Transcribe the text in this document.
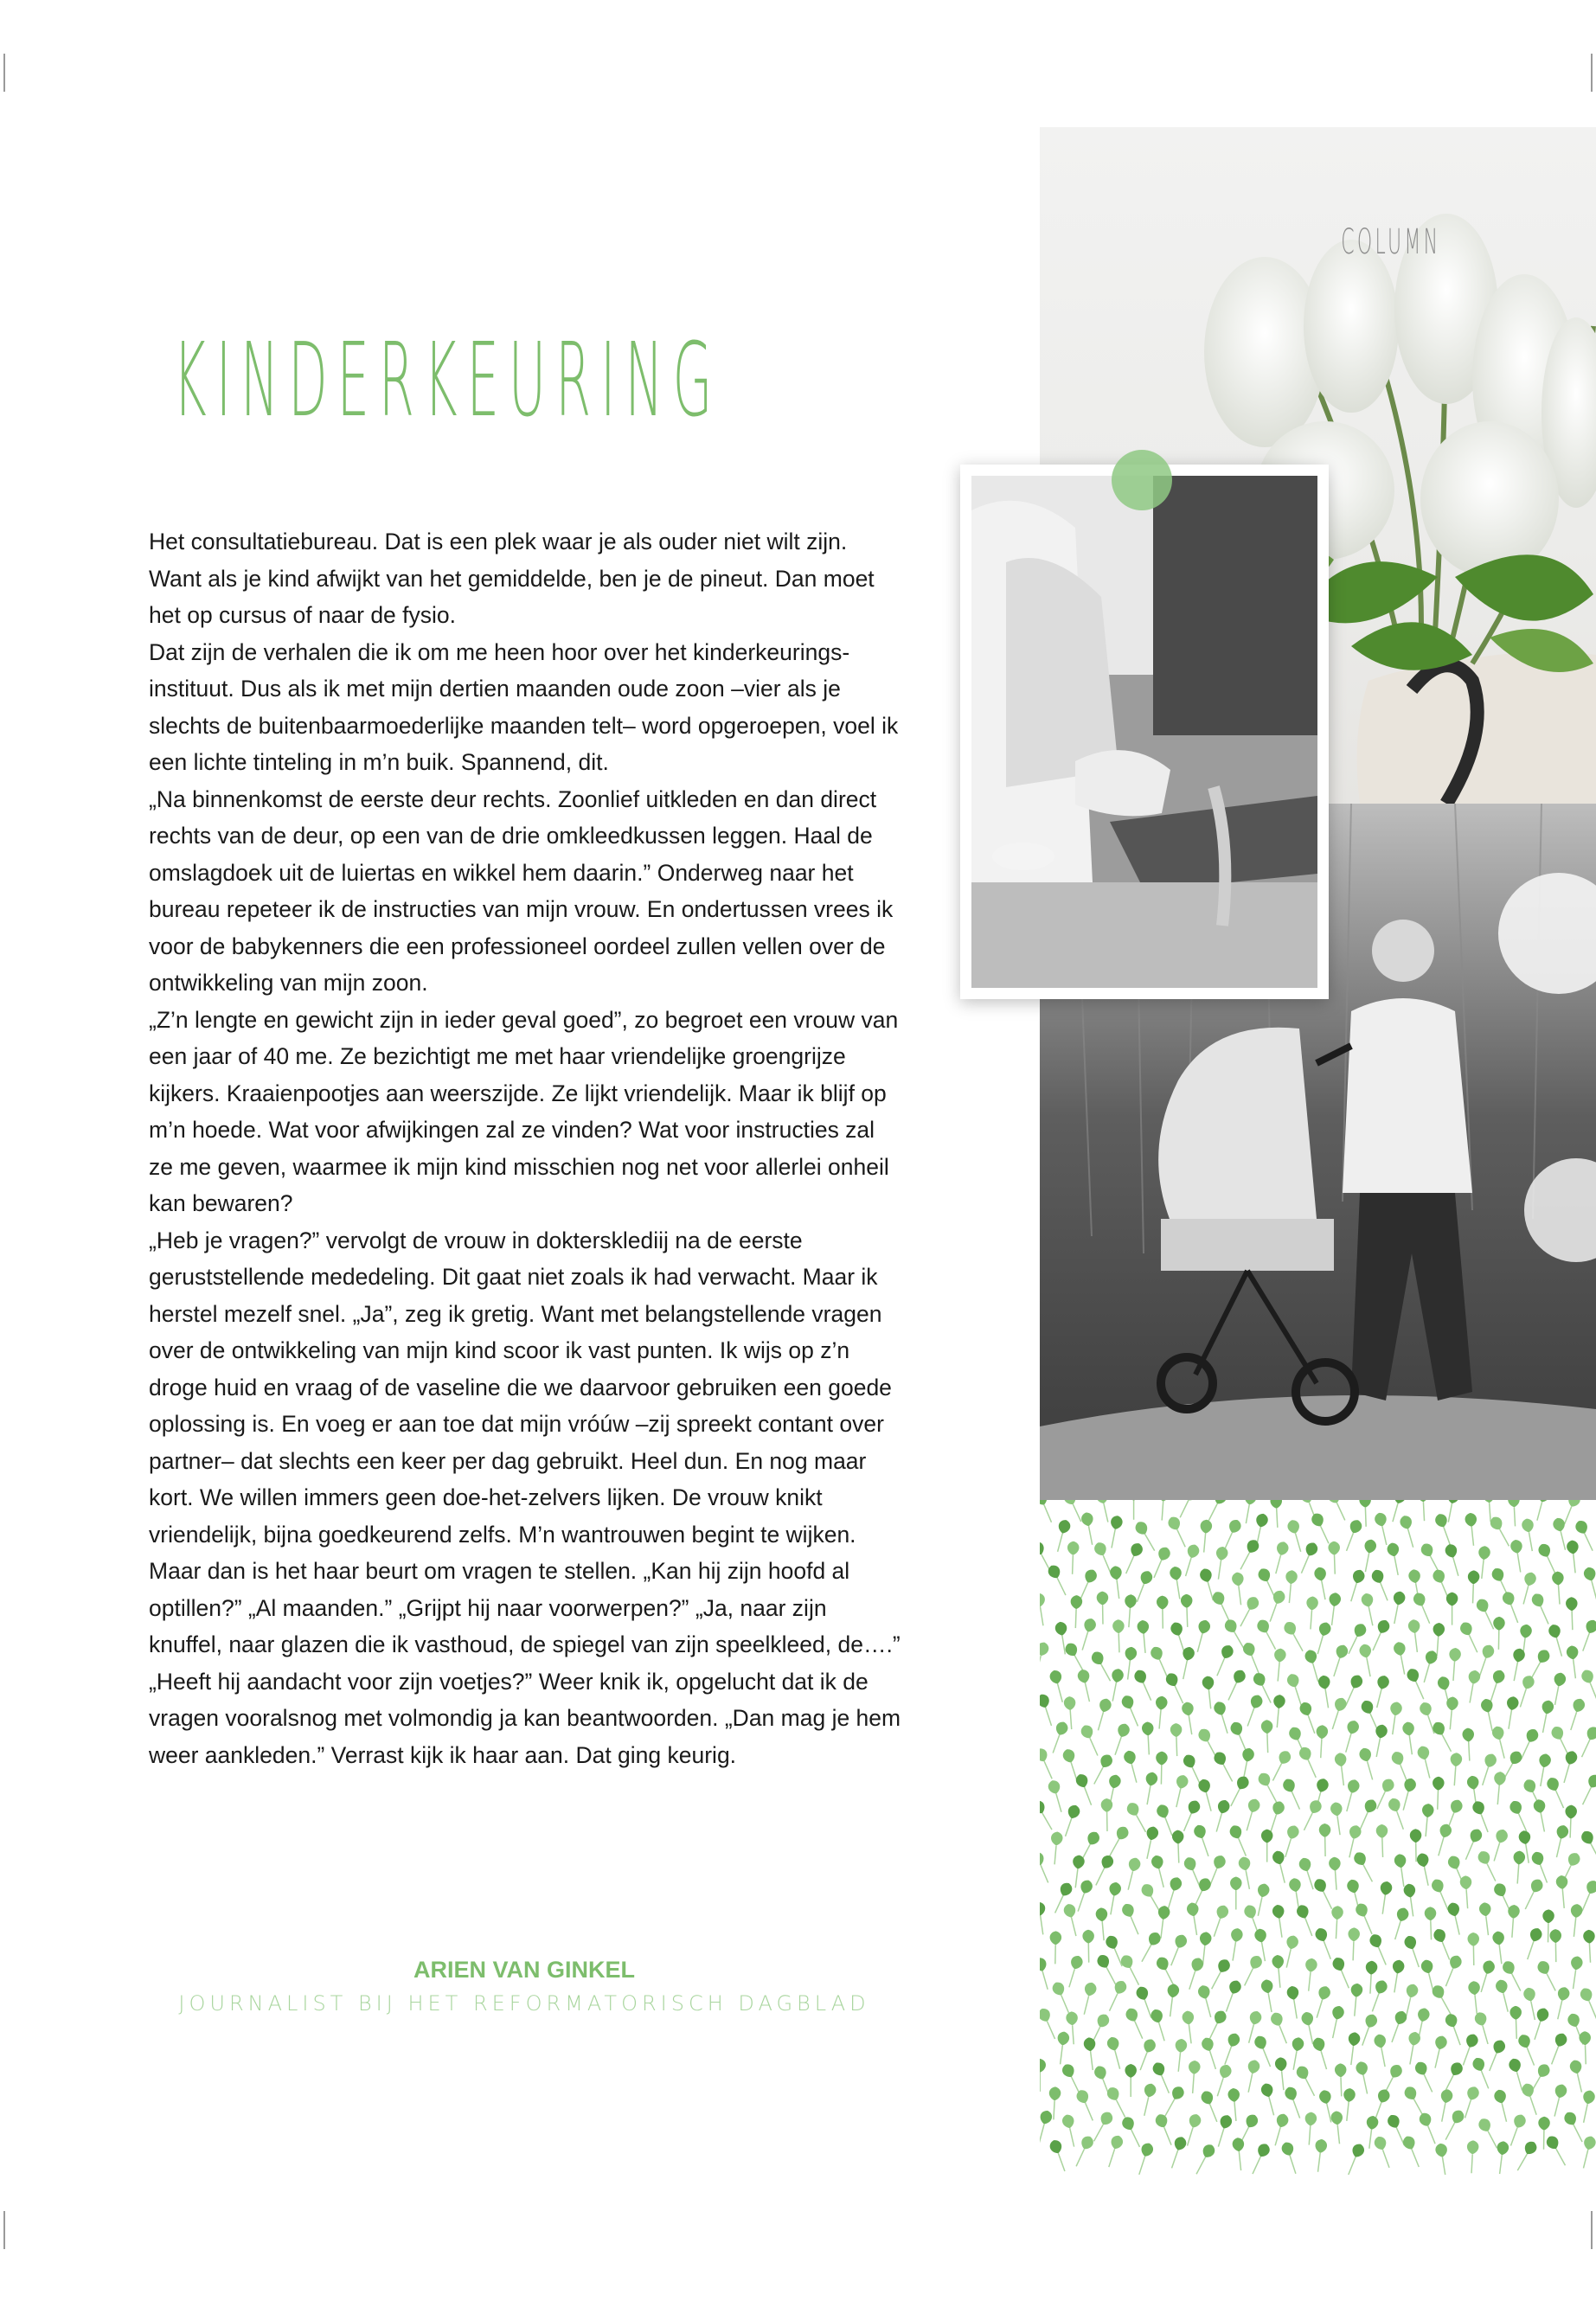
COLUMN
KINDERKEURING

Het consultatiebureau. Dat is een plek waar je als ouder niet wilt zijn. Want als je kind afwijkt van het gemiddelde, ben je de pineut. Dan moet het op cursus of naar de fysio.

Dat zijn de verhalen die ik om me heen hoor over het kinderkeurings-instituut. Dus als ik met mijn dertien maanden oude zoon –vier als je slechts de buitenbaarmoederlijke maanden telt– word opgeroepen, voel ik een lichte tinteling in m’n buik. Spannend, dit.

„Na binnenkomst de eerste deur rechts. Zoonlief uitkleden en dan direct rechts van de deur, op een van de drie omkleedkussen leggen. Haal de omslagdoek uit de luiertas en wikkel hem daarin.” Onderweg naar het bureau repeteer ik de instructies van mijn vrouw. En ondertussen vrees ik voor de babykenners die een professioneel oordeel zullen vellen over de ontwikkeling van mijn zoon.

„Z’n lengte en gewicht zijn in ieder geval goed”, zo begroet een vrouw van een jaar of 40 me. Ze bezichtigt me met haar vriendelijke groengrijze kijkers. Kraaienpootjes aan weerszijde. Ze lijkt vriendelijk. Maar ik blijf op m’n hoede. Wat voor afwijkingen zal ze vinden? Wat voor instructies zal ze me geven, waarmee ik mijn kind misschien nog net voor allerlei onheil kan bewaren?

„Heb je vragen?” vervolgt de vrouw in doktersklediij na de eerste geruststellende mededeling. Dit gaat niet zoals ik had verwacht. Maar ik herstel mezelf snel. „Ja”, zeg ik gretig. Want met belangstellende vragen over de ontwikkeling van mijn kind scoor ik vast punten. Ik wijs op z’n droge huid en vraag of de vaseline die we daarvoor gebruiken een goede oplossing is. En voeg er aan toe dat mijn vróúw –zij spreekt contant over partner– dat slechts een keer per dag gebruikt. Heel dun. En nog maar kort. We willen immers geen doe-het-zelvers lijken. De vrouw knikt vriendelijk, bijna goedkeurend zelfs. M’n wantrouwen begint te wijken.

Maar dan is het haar beurt om vragen te stellen. „Kan hij zijn hoofd al optillen?” „Al maanden.” „Grijpt hij naar voorwerpen?” „Ja, naar zijn knuffel, naar glazen die ik vasthoud, de spiegel van zijn speelkleed, de….” „Heeft hij aandacht voor zijn voetjes?” Weer knik ik, opgelucht dat ik de vragen vooralsnog met volmondig ja kan beantwoorden. „Dan mag je hem weer aankleden.” Verrast kijk ik haar aan. Dat ging keurig.

ARIEN VAN GINKEL
JOURNALIST BIJ HET REFORMATORISCH DAGBLAD
